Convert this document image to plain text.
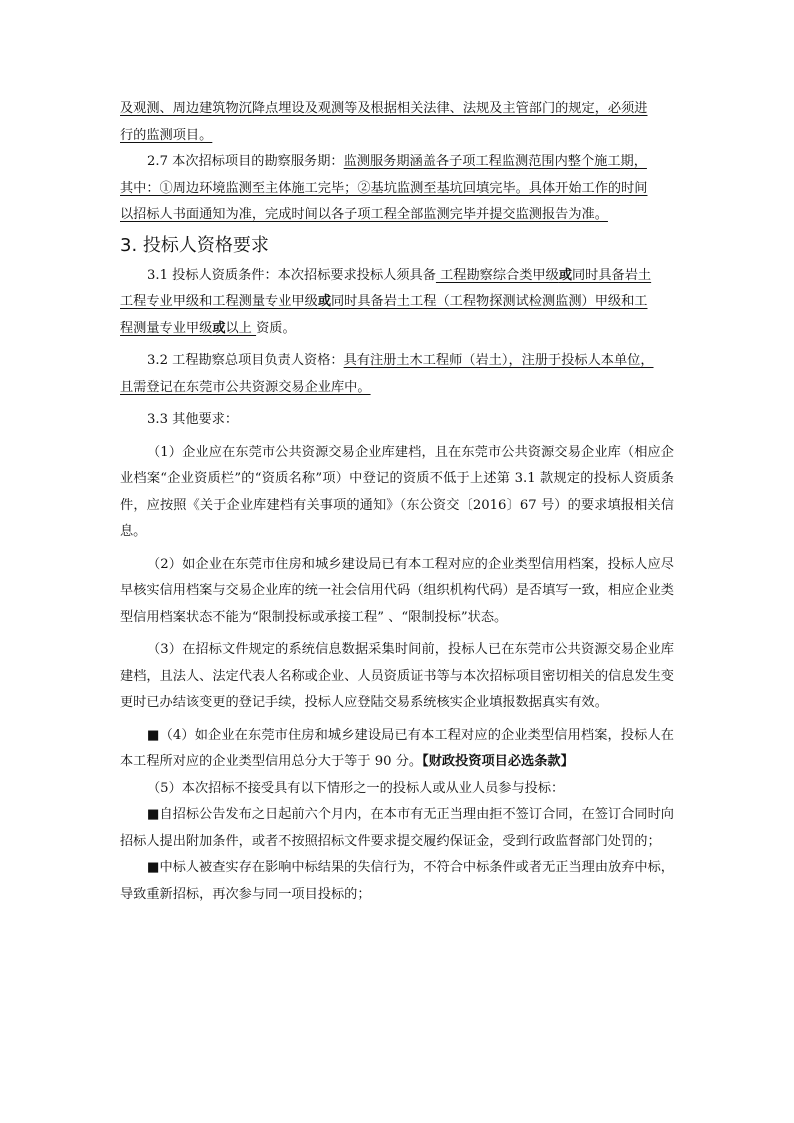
及观测、周边建筑物沉降点埋设及观测等及根据相关法律、法规及主管部门的规定，必须进
行的监测项目。

2.7 本次招标项目的勘察服务期：监测服务期涵盖各子项工程监测范围内整个施工期，
其中：①周边环境监测至主体施工完毕；②基坑监测至基坑回填完毕。具体开始工作的时间
以招标人书面通知为准，完成时间以各子项工程全部监测完毕并提交监测报告为准。

3. 投标人资格要求

3.1 投标人资质条件：本次招标要求投标人须具备 工程勘察综合类甲级或同时具备岩土
工程专业甲级和工程测量专业甲级或同时具备岩土工程（工程物探测试检测监测）甲级和工
程测量专业甲级或以上 资质。

3.2 工程勘察总项目负责人资格：具有注册土木工程师（岩土），注册于投标人本单位，
且需登记在东莞市公共资源交易企业库中。

3.3 其他要求：

（1）企业应在东莞市公共资源交易企业库建档，且在东莞市公共资源交易企业库（相应企业档案“企业资质栏”的“资质名称”项）中登记的资质不低于上述第 3.1 款规定的投标人资质条件，应按照《关于企业库建档有关事项的通知》（东公资交〔2016〕67 号）的要求填报相关信息。

（2）如企业在东莞市住房和城乡建设局已有本工程对应的企业类型信用档案，投标人应尽早核实信用档案与交易企业库的统一社会信用代码（组织机构代码）是否填写一致，相应企业类型信用档案状态不能为“限制投标或承接工程” 、“限制投标”状态。

（3）在招标文件规定的系统信息数据采集时间前，投标人已在东莞市公共资源交易企业库建档，且法人、法定代表人名称或企业、人员资质证书等与本次招标项目密切相关的信息发生变更时已办结该变更的登记手续，投标人应登陆交易系统核实企业填报数据真实有效。

■（4）如企业在东莞市住房和城乡建设局已有本工程对应的企业类型信用档案，投标人在本工程所对应的企业类型信用总分大于等于 90 分。【财政投资项目必选条款】

（5）本次招标不接受具有以下情形之一的投标人或从业人员参与投标：

■自招标公告发布之日起前六个月内，在本市有无正当理由拒不签订合同，在签订合同时向招标人提出附加条件，或者不按照招标文件要求提交履约保证金，受到行政监督部门处罚的；

■中标人被查实存在影响中标结果的失信行为，不符合中标条件或者无正当理由放弃中标，导致重新招标，再次参与同一项目投标的；
